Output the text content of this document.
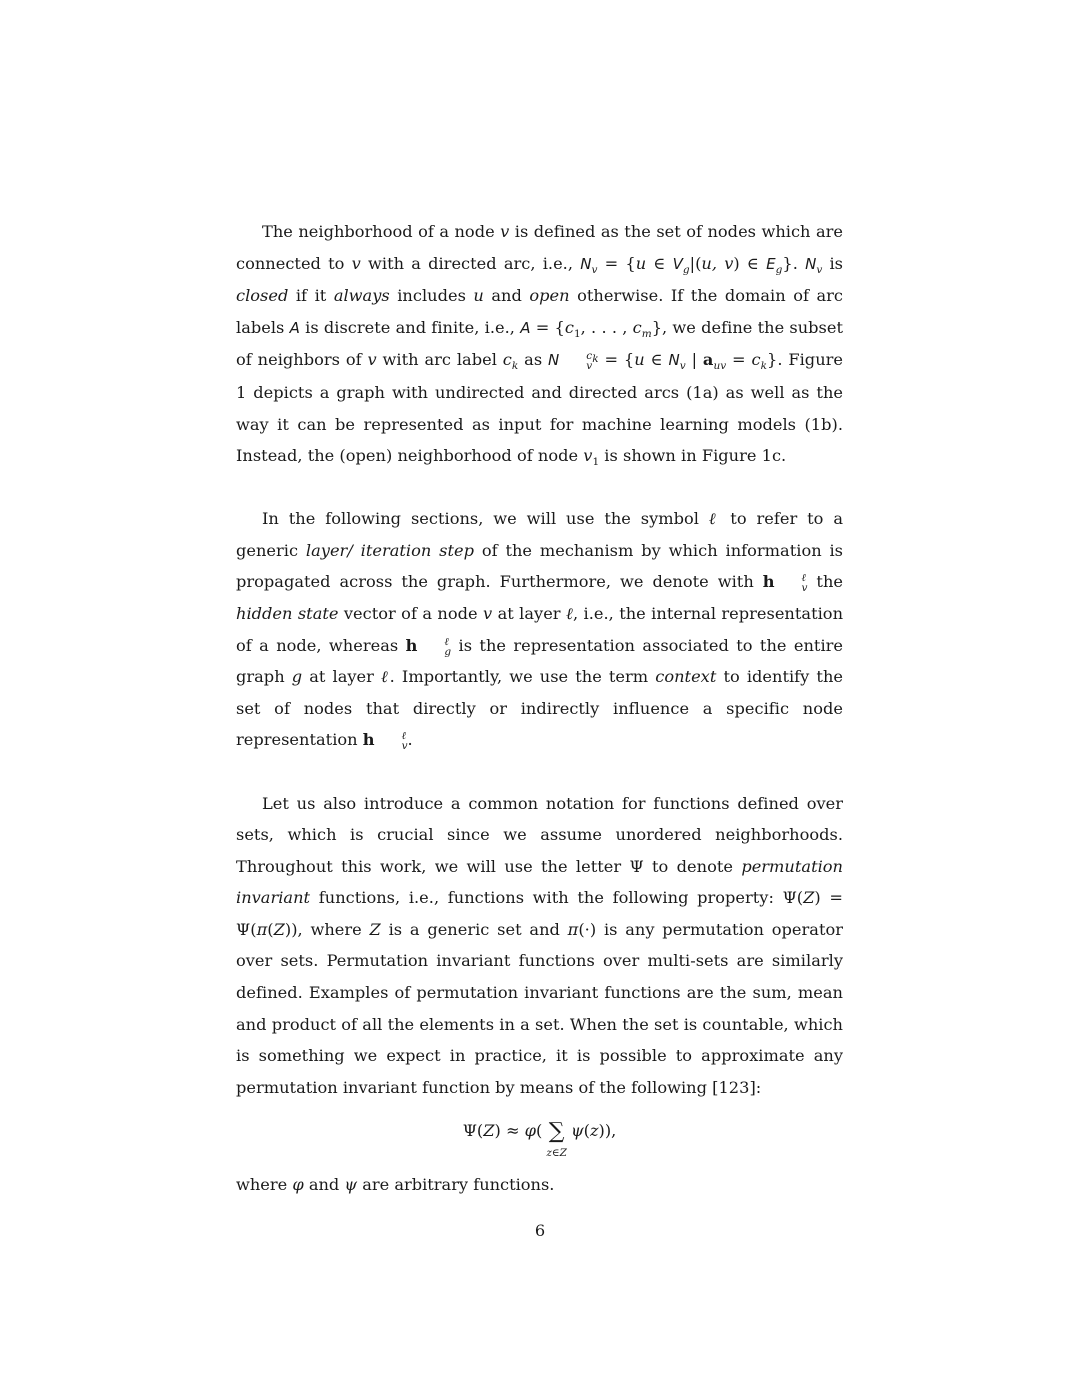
The neighborhood of a node v is defined as the set of nodes which are connected to v with a directed arc, i.e., $N_v = \{u$ ∈ $V_g|(u$, v) ∈ $E_g$}. $N_v$ is closed if it always includes u and open otherwise. If the domain of arc labels A is discrete and finite, i.e., $A = \{c_1$, . . . , $c_m$}, we define the subset of neighbors of v with arc label $c_k$ as N	$c_k$
v = {u ∈ $N_v$ | $a_{uv} = c_k$}. Figure 1 depicts a graph with undirected and directed arcs (1a) as well as the way it can be represented as input for machine learning models (1b). Instead, the (open) neighborhood of node $v_1$ is shown in Figure 1c.

In the following sections, we will use the symbol ℓ to refer to a generic layer/ iteration step of the mechanism by which information is propagated across the graph. Furthermore, we denote with h	ℓ
v the hidden state vector of a node v at layer ℓ, i.e., the internal representation of a node, whereas h	ℓ
g is the representation associated to the entire graph g at layer ℓ. Importantly, we use the term context to identify the set of nodes that directly or indirectly influence a specific node representation h	ℓ
v .

Let us also introduce a common notation for functions defined over sets, which is crucial since we assume unordered neighborhoods. Throughout this work, we will use the letter Ψ to denote permutation invariant functions, i.e., functions with the following property: Ψ(Z) = Ψ(π(Z)), where Z is a generic set and π(·) is any permutation operator over sets. Permutation invariant functions over multi-sets are similarly defined. Examples of permutation invariant functions are the sum, mean and product of all the elements in a set. When the set is countable, which is something we expect in practice, it is possible to approximate any permutation invariant function by means of the following [123]:

Ψ(Z) ≈ φ( ∑
z∈Z
ψ(z)),

where φ and ψ are arbitrary functions.

6
